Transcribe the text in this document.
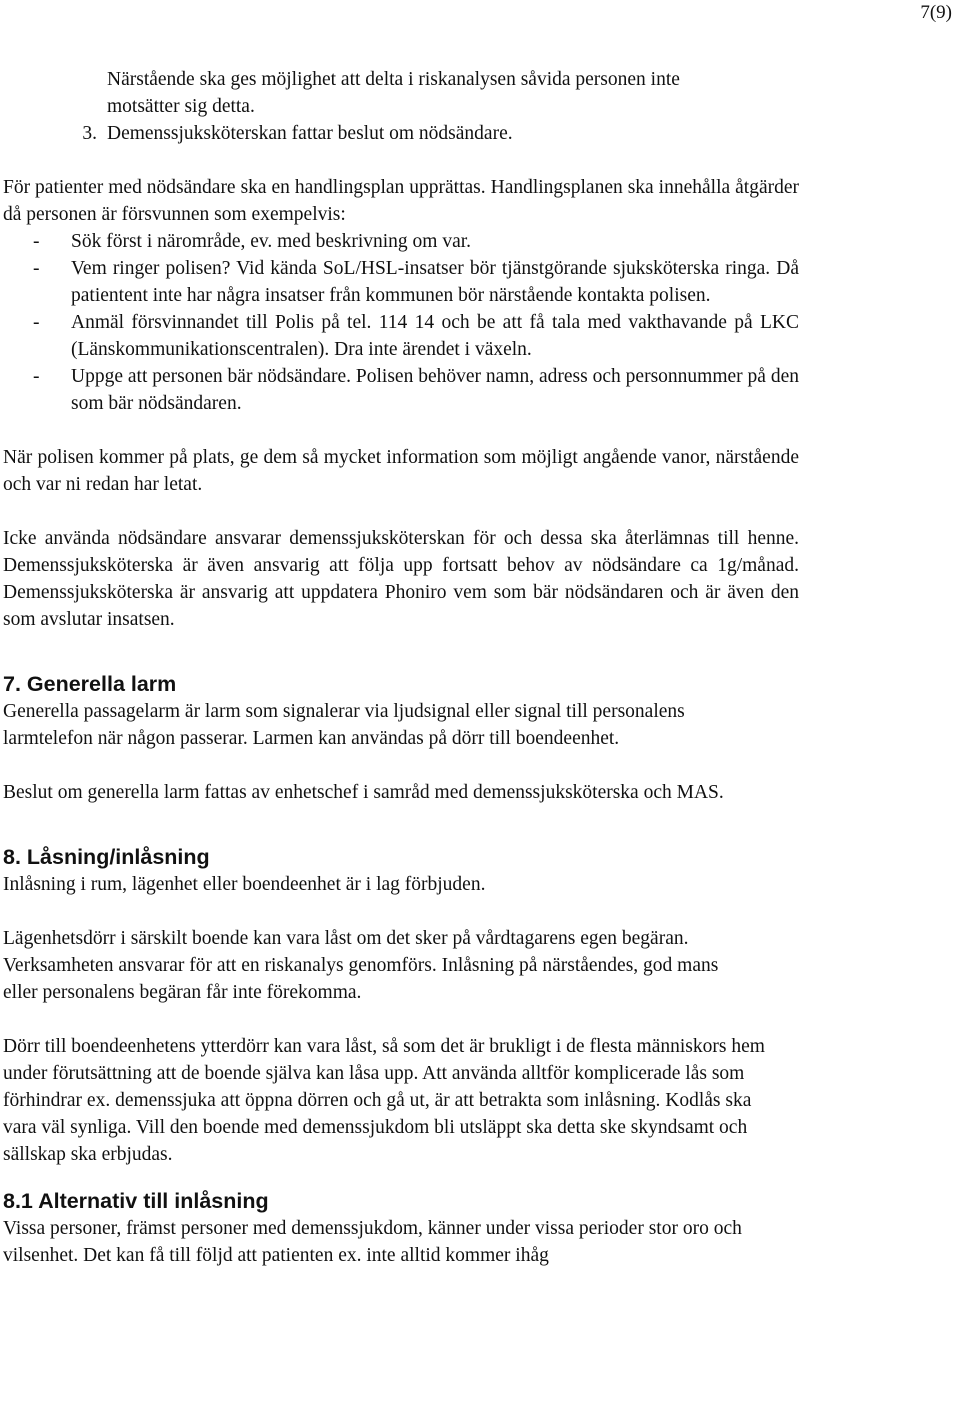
7(9)
Närstående ska ges möjlighet att delta i riskanalysen såvida personen inte
motsätter sig detta.
3. Demenssjuksköterskan fattar beslut om nödsändare.

För patienter med nödsändare ska en handlingsplan upprättas. Handlingsplanen ska innehålla åtgärder då personen är försvunnen som exempelvis:

-	Sök först i närområde, ev. med beskrivning om var.
-	Vem ringer polisen? Vid kända SoL/HSL-insatser bör tjänstgörande sjuksköterska ringa. Då patientent inte har några insatser från kommunen bör närstående kontakta polisen.
-	Anmäl försvinnandet till Polis på tel. 114 14 och be att få tala med vakthavande på LKC (Länskommunikationscentralen). Dra inte ärendet i växeln.
-	Uppge att personen bär nödsändare. Polisen behöver namn, adress och personnummer på den som bär nödsändaren.

När polisen kommer på plats, ge dem så mycket information som möjligt angående vanor, närstående och var ni redan har letat.

Icke använda nödsändare ansvarar demenssjuksköterskan för och dessa ska återlämnas till henne. Demenssjuksköterska är även ansvarig att följa upp fortsatt behov av nödsändare ca 1g/månad. Demenssjuksköterska är ansvarig att uppdatera Phoniro vem som bär nödsändaren och är även den som avslutar insatsen.

7. Generella larm

Generella passagelarm är larm som signalerar via ljudsignal eller signal till personalens larmtelefon när någon passerar. Larmen kan användas på dörr till boendeenhet.

Beslut om generella larm fattas av enhetschef i samråd med demenssjuksköterska och MAS.

8. Låsning/inlåsning

Inlåsning i rum, lägenhet eller boendeenhet är i lag förbjuden.

Lägenhetsdörr i särskilt boende kan vara låst om det sker på vårdtagarens egen begäran. Verksamheten ansvarar för att en riskanalys genomförs. Inlåsning på närståendes, god mans eller personalens begäran får inte förekomma.

Dörr till boendeenhetens ytterdörr kan vara låst, så som det är brukligt i de flesta människors hem under förutsättning att de boende själva kan låsa upp. Att använda alltför komplicerade lås som förhindrar ex. demenssjuka att öppna dörren och gå ut, är att betrakta som inlåsning. Kodlås ska vara väl synliga. Vill den boende med demenssjukdom bli utsläppt ska detta ske skyndsamt och sällskap ska erbjudas.

8.1 Alternativ till inlåsning

Vissa personer, främst personer med demenssjukdom, känner under vissa perioder stor oro och vilsenhet. Det kan få till följd att patienten ex. inte alltid kommer ihåg
